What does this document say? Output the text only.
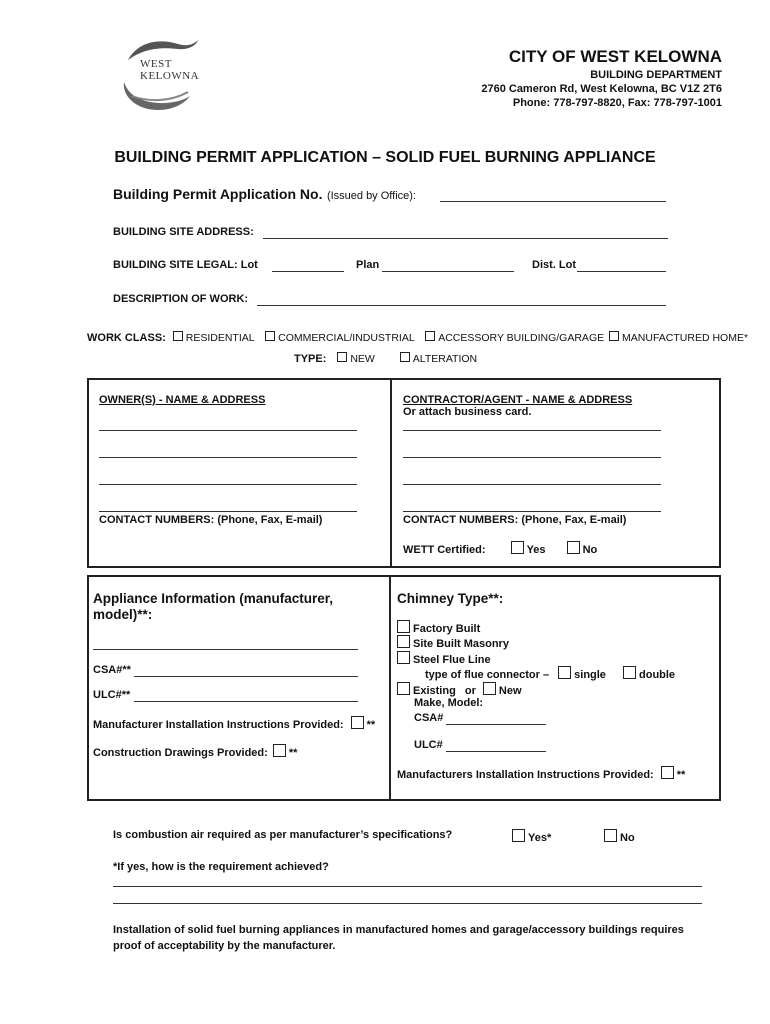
WEST
KELOWNA
CITY OF WEST KELOWNA
BUILDING DEPARTMENT
2760 Cameron Rd, West Kelowna, BC V1Z 2T6
Phone: 778-797-8820, Fax: 778-797-1001
BUILDING PERMIT APPLICATION – SOLID FUEL BURNING APPLIANCE
Building Permit Application No. (Issued by Office):
BUILDING SITE ADDRESS:
BUILDING SITE LEGAL: Lot	Plan	Dist. Lot
DESCRIPTION OF WORK:
WORK CLASS: RESIDENTIAL COMMERCIAL/INDUSTRIAL ACCESSORY BUILDING/GARAGE MANUFACTURED HOME*
TYPE: NEW	ALTERATION
OWNER(S) - NAME & ADDRESS
CONTACT NUMBERS: (Phone, Fax, E-mail)
CONTRACTOR/AGENT - NAME & ADDRESS
Or attach business card.
CONTACT NUMBERS: (Phone, Fax, E-mail)
WETT Certified:	Yes	No
Appliance Information (manufacturer,
model)**:
CSA#**
ULC#**
Manufacturer Installation Instructions Provided: **
Construction Drawings Provided: **
Chimney Type**:
Factory Built
Site Built Masonry
Steel Flue Line
type of flue connector – single	double
Existing or New
Make, Model:
CSA#
ULC#
Manufacturers Installation Instructions Provided: **
Is combustion air required as per manufacturer’s specifications?	Yes*	No
*If yes, how is the requirement achieved?
Installation of solid fuel burning appliances in manufactured homes and garage/accessory buildings requires proof of acceptability by the manufacturer.
